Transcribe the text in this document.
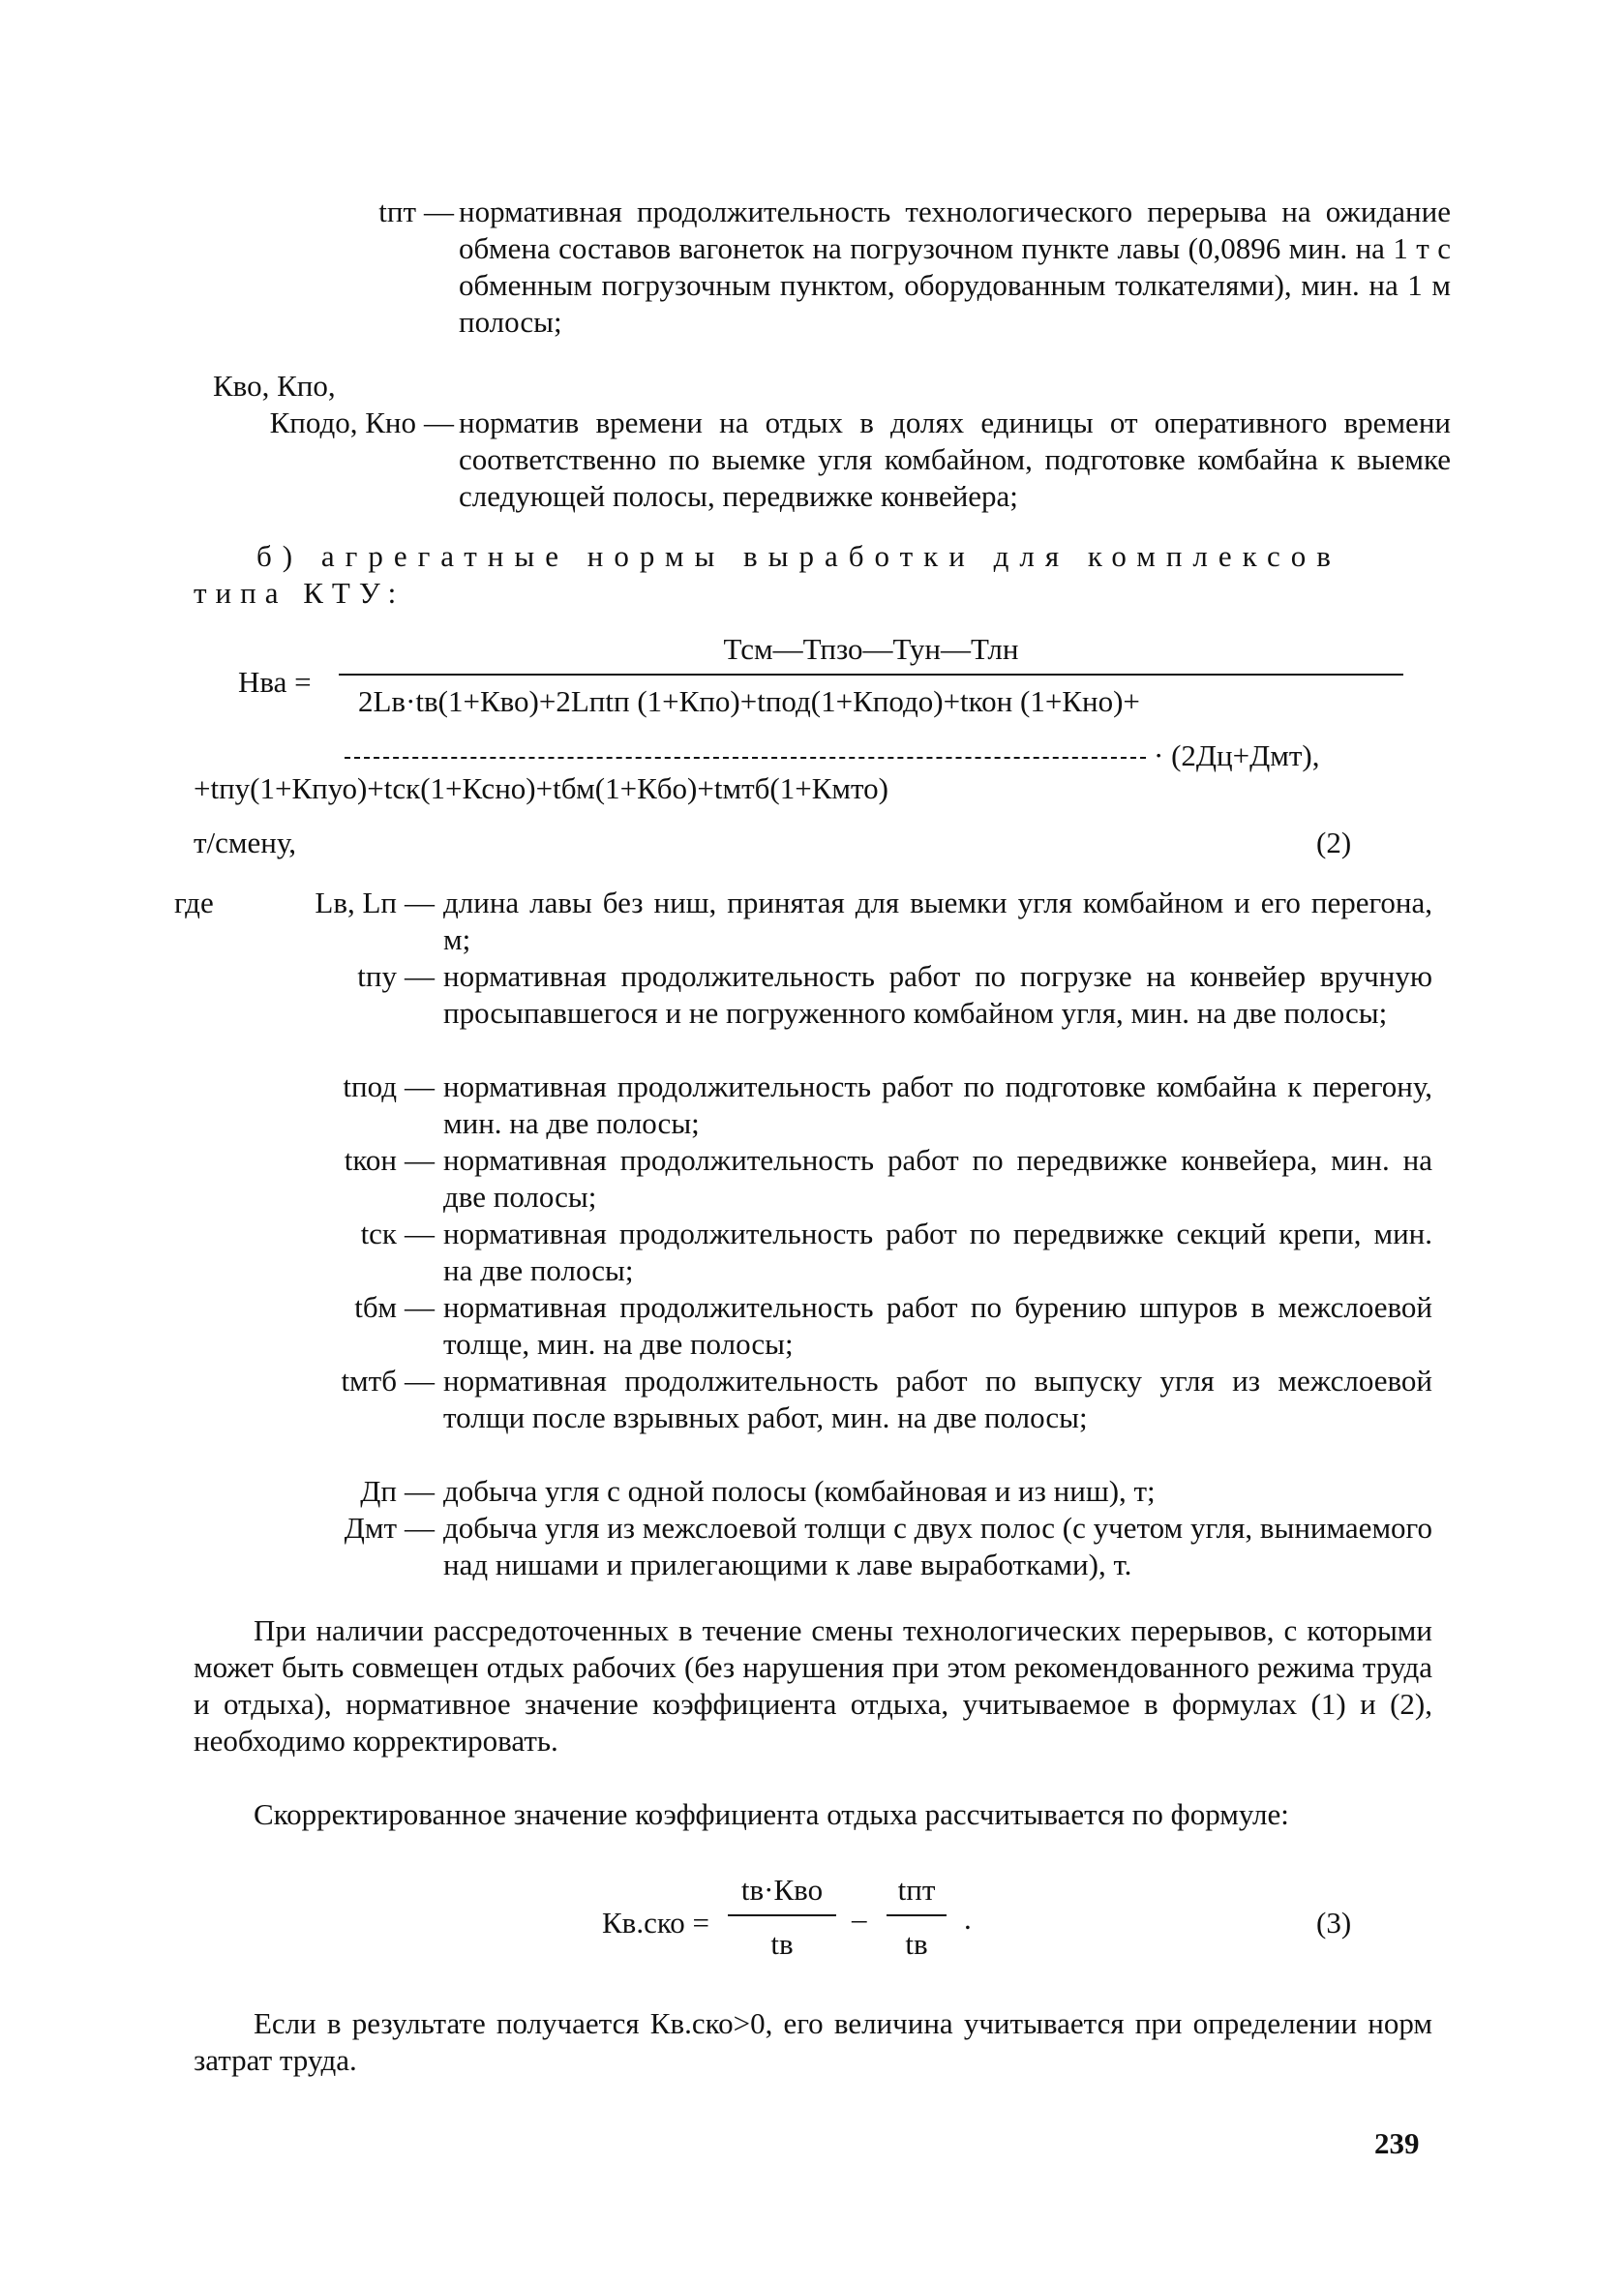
tпт — нормативная продолжительность технологического перерыва на ожидание обмена составов вагонеток на погрузочном пункте лавы (0,0896 мин. на 1 т с обменным погрузочным пунктом, оборудованным толкателями), мин. на 1 м полосы;
Кво, Кпо,
Кподо, Кно — норматив времени на отдых в долях единицы от оперативного времени соответственно по выемке угля комбайном, подготовке комбайна к выемке следующей полосы, передвижке конвейера;
б) агрегатные нормы выработки для комплексов
типа КТУ:
Нва =
Тсм—Тпзо—Тун—Тлн
2Lв·tв(1+Кво)+2Lпtп (1+Кпо)+tпод(1+Кподо)+tкон (1+Кно)+
· (2Дц+Дмт),
+tпу(1+Кпуо)+tск(1+Ксно)+tбм(1+Кбо)+tмтб(1+Кмто)
т/смену,	(2)
где	Lв, Lп — длина лавы без ниш, принятая для выемки угля комбайном и его перегона, м;
tпу — нормативная продолжительность работ по погрузке на конвейер вручную просыпавшегося и не погруженного комбайном угля, мин. на две полосы;
tпод — нормативная продолжительность работ по подготовке комбайна к перегону, мин. на две полосы;
tкон — нормативная продолжительность работ по передвижке конвейера, мин. на две полосы;
tск — нормативная продолжительность работ по передвижке секций крепи, мин. на две полосы;
tбм — нормативная продолжительность работ по бурению шпуров в межслоевой толще, мин. на две полосы;
tмтб — нормативная продолжительность работ по выпуску угля из межслоевой толщи после взрывных работ, мин. на две полосы;
Дп — добыча угля с одной полосы (комбайновая и из ниш), т;
Дмт — добыча угля из межслоевой толщи с двух полос (с учетом угля, вынимаемого над нишами и прилегающими к лаве выработками), т.
При наличии рассредоточенных в течение смены технологических перерывов, с которыми может быть совмещен отдых рабочих (без нарушения при этом рекомендованного режима труда и отдыха), нормативное значение коэффициента отдыха, учитываемое в формулах (1) и (2), необходимо корректировать.
Скорректированное значение коэффициента отдыха рассчитывается по формуле:
Кв.ско =
tв·Кво
tв
–
tпт
tв
.	(3)
Если в результате получается Кв.ско>0, его величина учитывается при определении норм затрат труда.
239
